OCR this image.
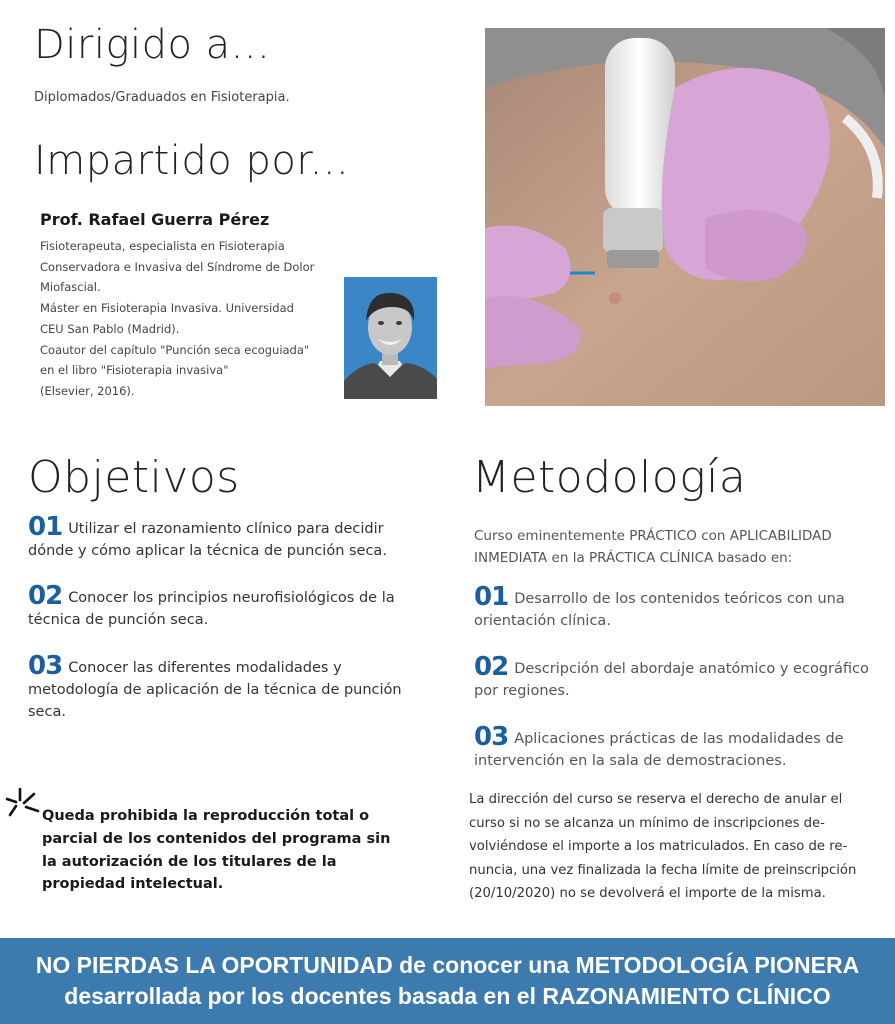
Dirigido a...
Diplomados/Graduados en Fisioterapia.
Impartido por...
Prof. Rafael Guerra Pérez
Fisioterapeuta, especialista en Fisioterapia
Conservadora e Invasiva del Síndrome de Dolor
Miofascial.
Máster en Fisioterapia Invasiva. Universidad
CEU San Pablo (Madrid).
Coautor del capítulo "Punción seca ecoguiada"
en el libro "Fisioterapia invasiva"
(Elsevier, 2016).
Objetivos
01 Utilizar el razonamiento clínico para decidir dónde y cómo aplicar la técnica de punción seca.
02 Conocer los principios neurofisiológicos de la técnica de punción seca.
03 Conocer las diferentes modalidades y metodología de aplicación de la técnica de punción seca.
Metodología
Curso eminentemente PRÁCTICO con APLICABILIDAD INMEDIATA en la PRÁCTICA CLÍNICA basado en:
01 Desarrollo de los contenidos teóricos con una orientación clínica.
02 Descripción del abordaje anatómico y ecográfico por regiones.
03 Aplicaciones prácticas de las modalidades de intervención en la sala de demostraciones.
La dirección del curso se reserva el derecho de anular el curso si no se alcanza un mínimo de inscripciones de-volviéndose el importe a los matriculados. En caso de re-nuncia, una vez finalizada la fecha límite de preinscripción (20/10/2020) no se devolverá el importe de la misma.
Queda prohibida la reproducción total o parcial de los contenidos del programa sin la autorización de los titulares de la propiedad intelectual.
NO PIERDAS LA OPORTUNIDAD de conocer una METODOLOGÍA PIONERA
desarrollada por los docentes basada en el RAZONAMIENTO CLÍNICO
